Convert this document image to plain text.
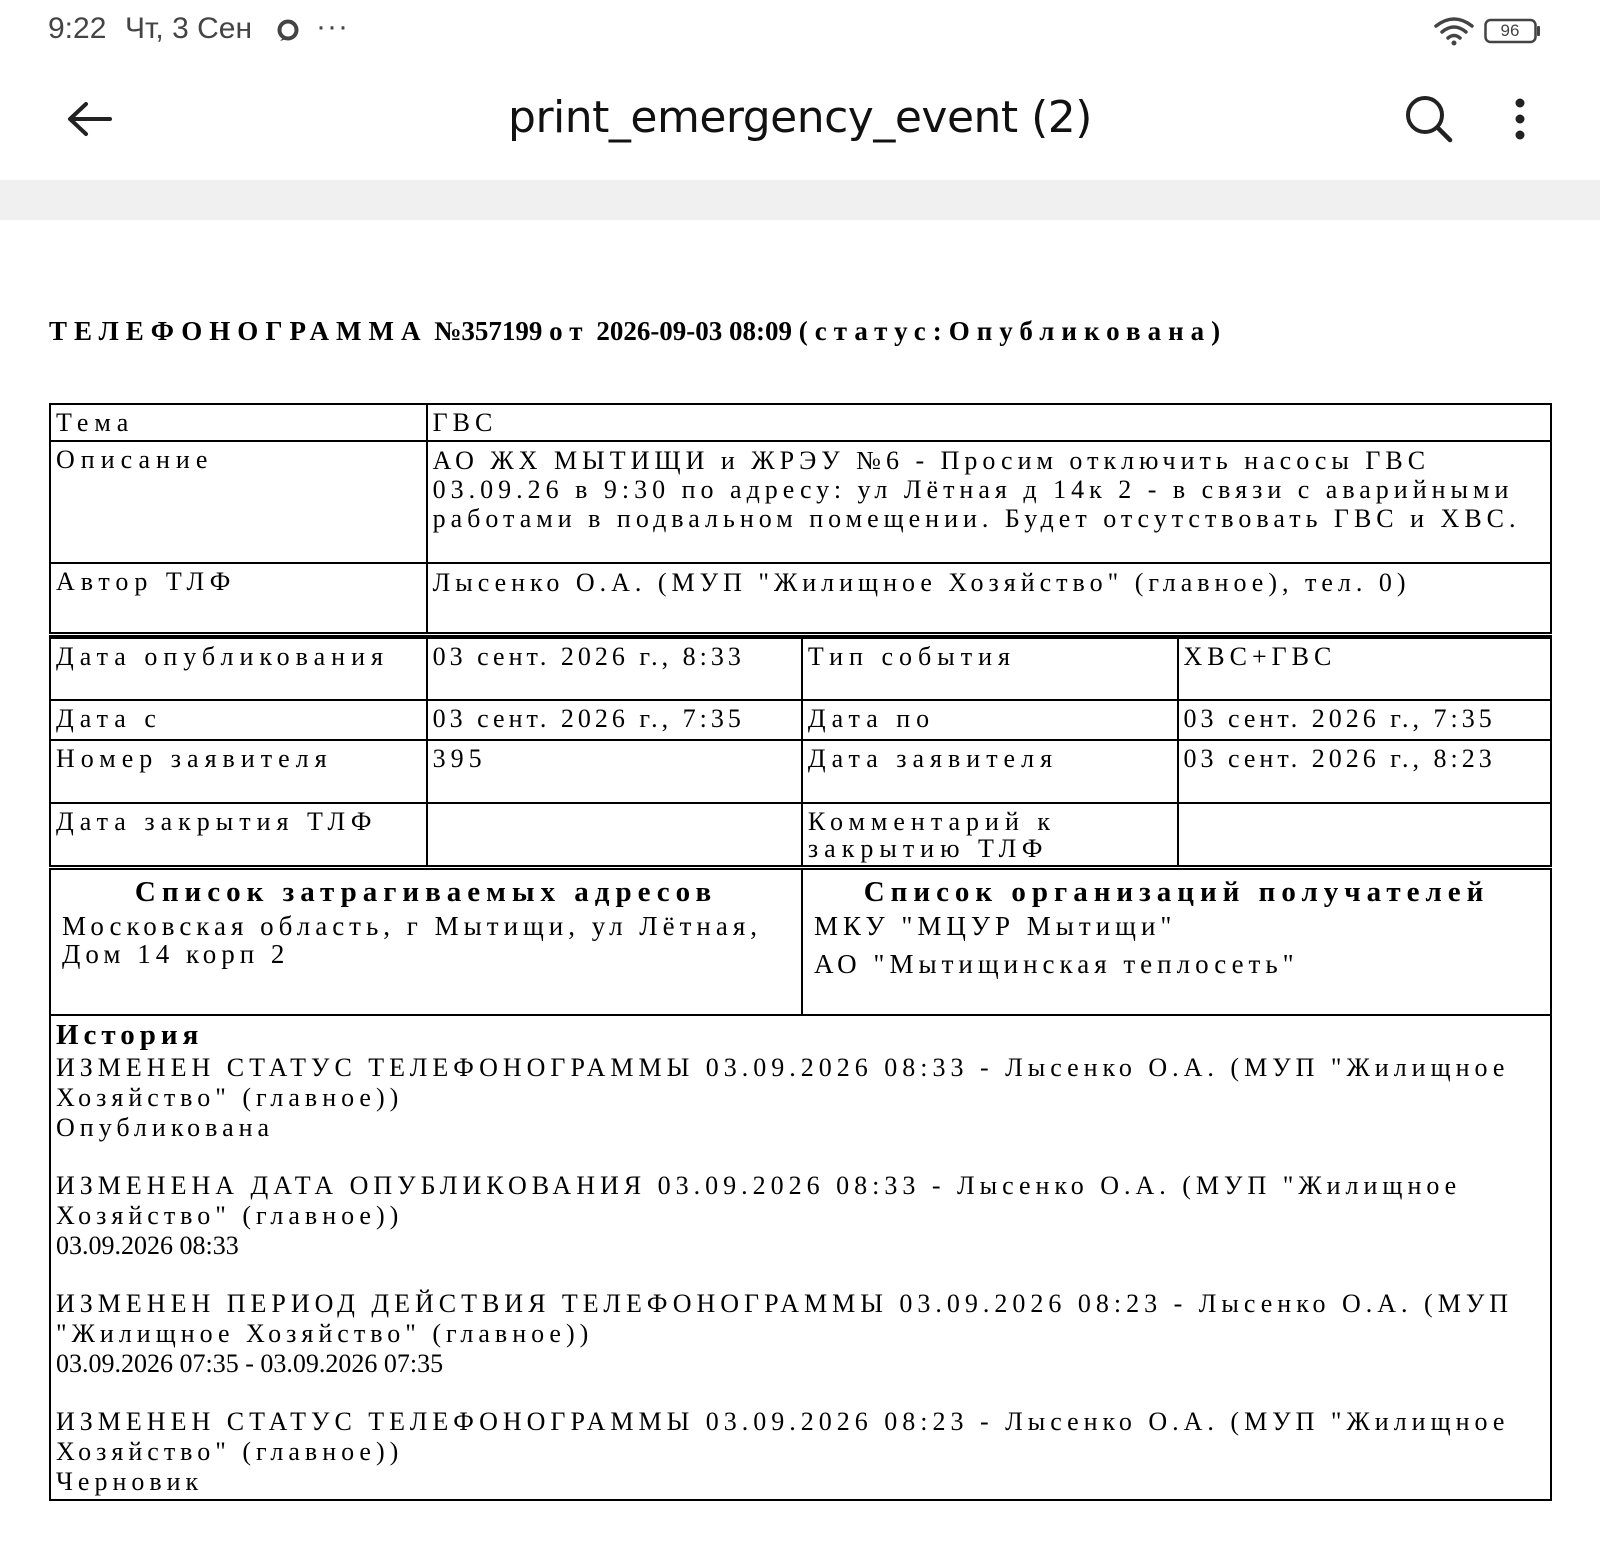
9:22 Чт, 3 Сен ···	96
print_emergency_event (2)
ТЕЛЕФОНОГРАММА №357199 от 2026-09-03 08:09 (статус:Опубликована)
Тема	ГВС
Описание	АО ЖХ МЫТИЩИ и ЖРЭУ №6 - Просим отключить насосы ГВС 03.09.26 в 9:30 по адресу: ул Лётная д 14к 2 - в связи с аварийными работами в подвальном помещении. Будет отсутствовать ГВС и ХВС.
Автор ТЛФ	Лысенко О.А. (МУП "Жилищное Хозяйство" (главное), тел. 0)
Дата опубликования	03 сент. 2026 г., 8:33	Тип события	ХВС+ГВС
Дата с	03 сент. 2026 г., 7:35	Дата по	03 сент. 2026 г., 7:35
Номер заявителя	395	Дата заявителя	03 сент. 2026 г., 8:23
Дата закрытия ТЛФ		Комментарий к закрытию ТЛФ	
Список затрагиваемых адресов
Московская область, г Мытищи, ул Лётная, Дом 14 корп 2

Список организаций получателей
МКУ "МЦУР Мытищи"
АО "Мытищинская теплосеть"

История
ИЗМЕНЕН СТАТУС ТЕЛЕФОНОГРАММЫ 03.09.2026 08:33 - Лысенко О.А. (МУП "Жилищное Хозяйство" (главное))
Опубликована
ИЗМЕНЕНА ДАТА ОПУБЛИКОВАНИЯ 03.09.2026 08:33 - Лысенко О.А. (МУП "Жилищное Хозяйство" (главное))
03.09.2026 08:33
ИЗМЕНЕН ПЕРИОД ДЕЙСТВИЯ ТЕЛЕФОНОГРАММЫ 03.09.2026 08:23 - Лысенко О.А. (МУП "Жилищное Хозяйство" (главное))
03.09.2026 07:35 - 03.09.2026 07:35
ИЗМЕНЕН СТАТУС ТЕЛЕФОНОГРАММЫ 03.09.2026 08:23 - Лысенко О.А. (МУП "Жилищное Хозяйство" (главное))
Черновик
